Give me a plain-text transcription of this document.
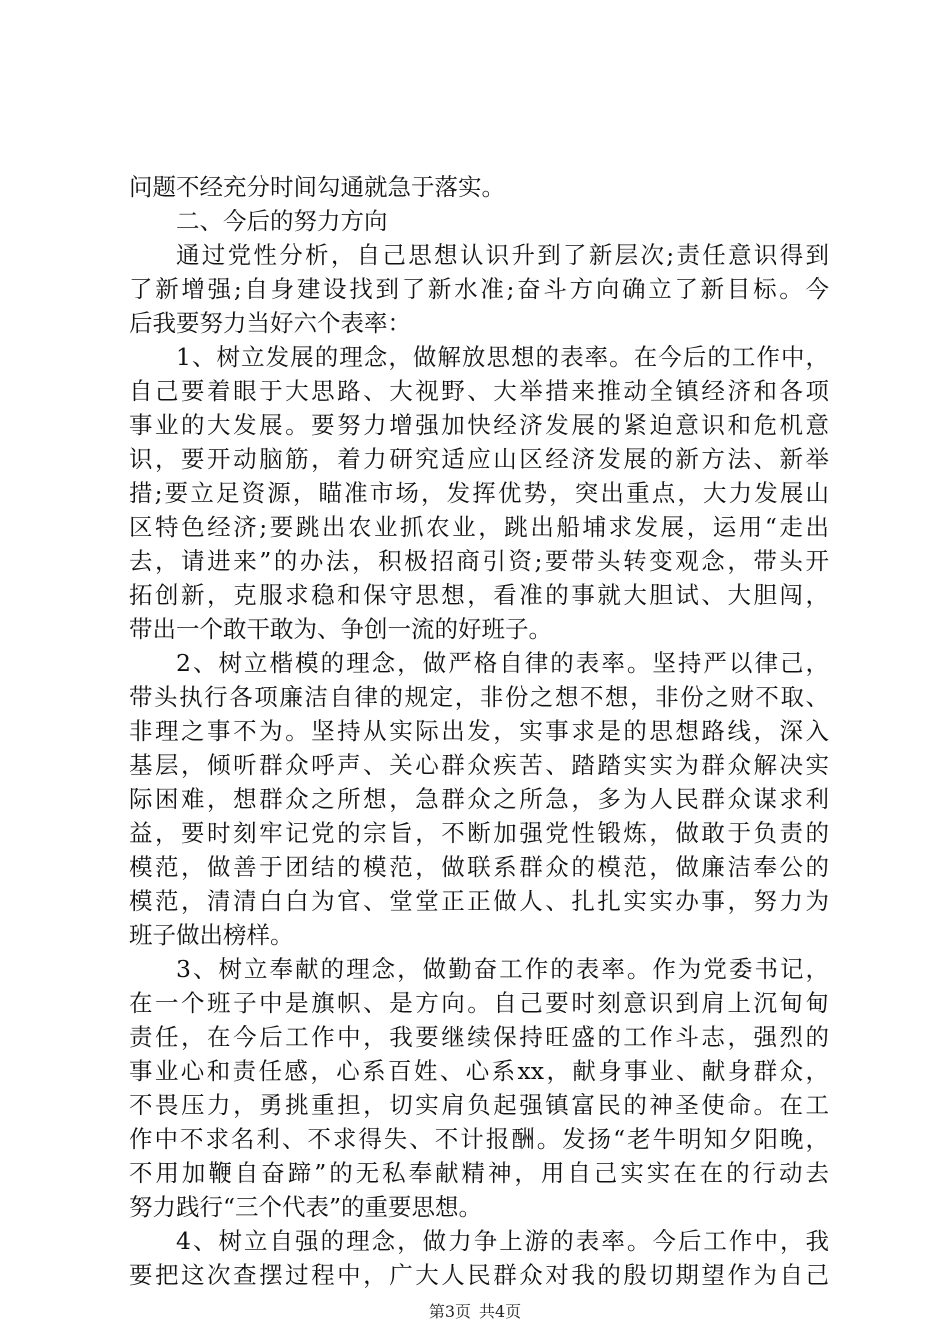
问题不经充分时间勾通就急于落实。
二、今后的努力方向
通过党性分析，自己思想认识升到了新层次;责任意识得到
了新增强;自身建设找到了新水准;奋斗方向确立了新目标。今
后我要努力当好六个表率：
1、树立发展的理念，做解放思想的表率。在今后的工作中，
自己要着眼于大思路、大视野、大举措来推动全镇经济和各项
事业的大发展。要努力增强加快经济发展的紧迫意识和危机意
识，要开动脑筋，着力研究适应山区经济发展的新方法、新举
措;要立足资源，瞄准市场，发挥优势，突出重点，大力发展山
区特色经济;要跳出农业抓农业，跳出船埔求发展，运用“走出
去，请进来”的办法，积极招商引资;要带头转变观念，带头开
拓创新，克服求稳和保守思想，看准的事就大胆试、大胆闯，
带出一个敢干敢为、争创一流的好班子。
2、树立楷模的理念，做严格自律的表率。坚持严以律己，
带头执行各项廉洁自律的规定，非份之想不想，非份之财不取、
非理之事不为。坚持从实际出发，实事求是的思想路线，深入
基层，倾听群众呼声、关心群众疾苦、踏踏实实为群众解决实
际困难，想群众之所想，急群众之所急，多为人民群众谋求利
益，要时刻牢记党的宗旨，不断加强党性锻炼，做敢于负责的
模范，做善于团结的模范，做联系群众的模范，做廉洁奉公的
模范，清清白白为官、堂堂正正做人、扎扎实实办事，努力为
班子做出榜样。
3、树立奉献的理念，做勤奋工作的表率。作为党委书记，
在一个班子中是旗帜、是方向。自己要时刻意识到肩上沉甸甸
责任，在今后工作中，我要继续保持旺盛的工作斗志，强烈的
事业心和责任感，心系百姓、心系xx，献身事业、献身群众，
不畏压力，勇挑重担，切实肩负起强镇富民的神圣使命。在工
作中不求名利、不求得失、不计报酬。发扬“老牛明知夕阳晚，
不用加鞭自奋蹄”的无私奉献精神，用自己实实在在的行动去
努力践行“三个代表”的重要思想。
4、树立自强的理念，做力争上游的表率。今后工作中，我
要把这次查摆过程中，广大人民群众对我的殷切期望作为自己
第3页 共4页
